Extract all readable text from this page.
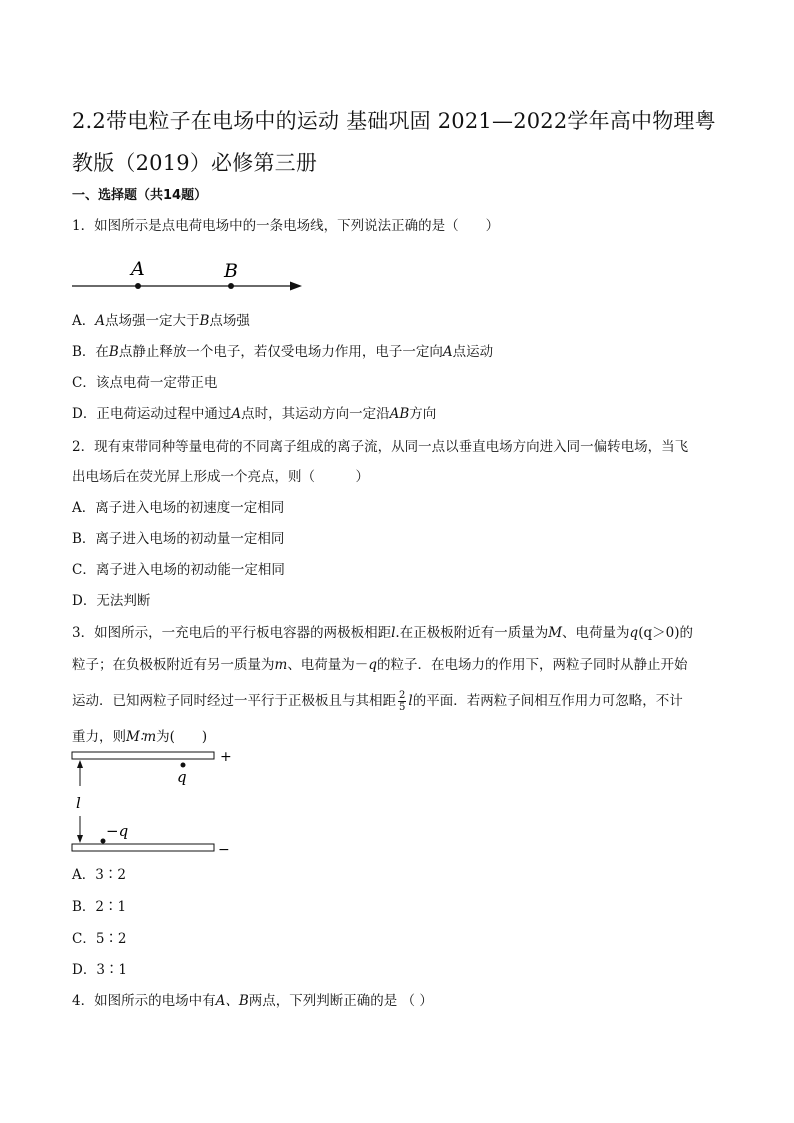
2.2带电粒子在电场中的运动 基础巩固 2021—2022学年高中物理粤教版（2019）必修第三册
一、选择题（共14题）
1．如图所示是点电荷电场中的一条电场线，下列说法正确的是（　　）
A	B
A．A点场强一定大于B点场强
B．在B点静止释放一个电子，若仅受电场力作用，电子一定向A点运动
C．该点电荷一定带正电
D．正电荷运动过程中通过A点时，其运动方向一定沿AB方向
2．现有束带同种等量电荷的不同离子组成的离子流，从同一点以垂直电场方向进入同一偏转电场，当飞
出电场后在荧光屏上形成一个亮点，则（　　　）
A．离子进入电场的初速度一定相同
B．离子进入电场的初动量一定相同
C．离子进入电场的初动能一定相同
D．无法判断
3．如图所示，一充电后的平行板电容器的两极板相距l.在正极板附近有一质量为M、电荷量为q(q＞0)的
粒子；在负极板附近有另一质量为m、电荷量为－q的粒子．在电场力的作用下，两粒子同时从静止开始
运动．已知两粒子同时经过一平行于正极板且与其相距 $\frac{2}{5}$ l的平面．若两粒子间相互作用力可忽略，不计
重力，则M∶m为(　　)
+
−
q
l
−q
A．3∶2
B．2∶1
C．5∶2
D．3∶1
4．如图所示的电场中有A、B两点，下列判断正确的是 （ ）
